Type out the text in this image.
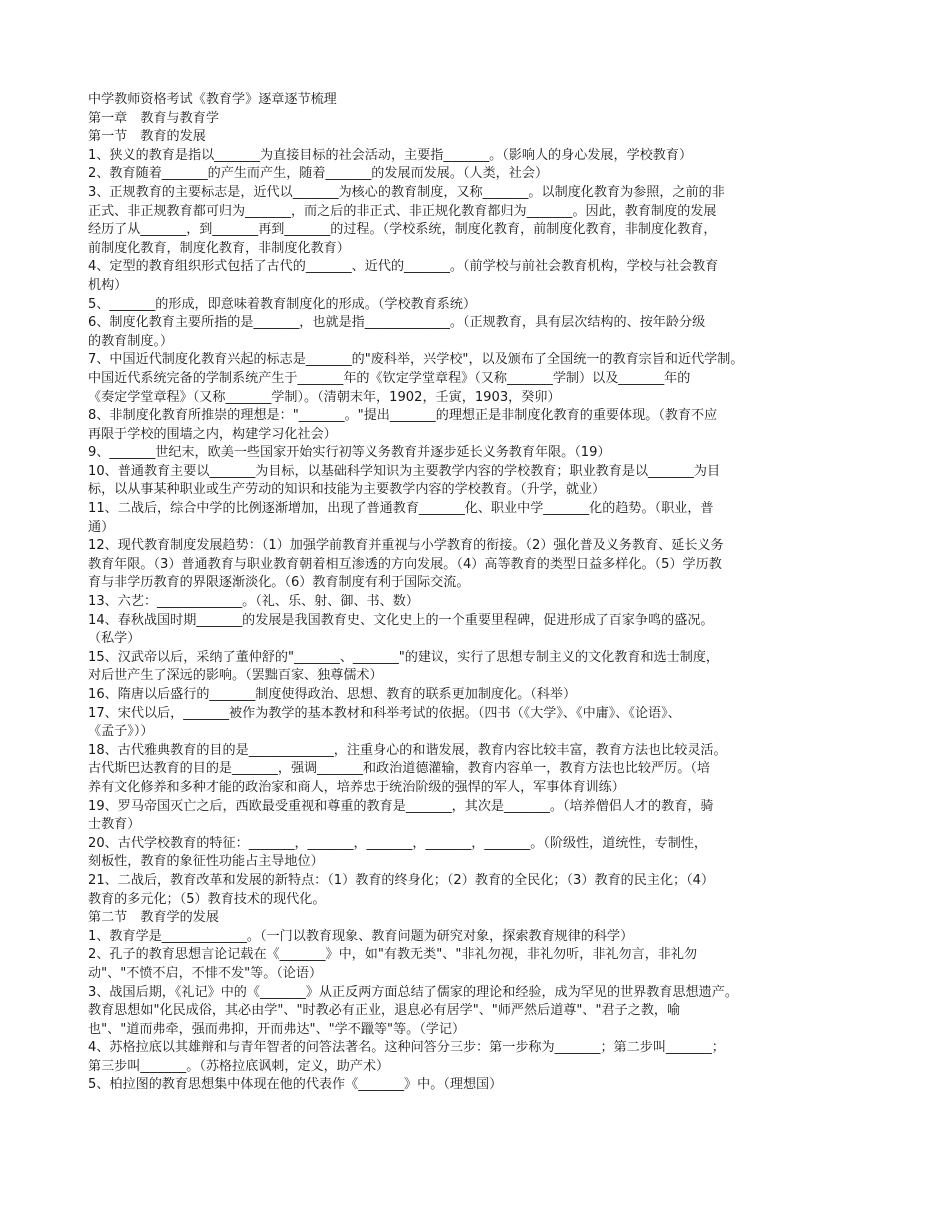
中学教师资格考试《教育学》逐章逐节梳理
第一章　教育与教育学
第一节　教育的发展
1、狭义的教育是指以_______为直接目标的社会活动，主要指_______。（影响人的身心发展，学校教育）
2、教育随着_______的产生而产生，随着_______的发展而发展。（人类，社会）
3、正规教育的主要标志是，近代以_______为核心的教育制度，又称_______。以制度化教育为参照，之前的非
正式、非正规教育都可归为_______，而之后的非正式、非正规化教育都归为_______。因此，教育制度的发展
经历了从_______，到_______再到_______的过程。（学校系统，制度化教育，前制度化教育，非制度化教育，
前制度化教育，制度化教育，非制度化教育）
4、定型的教育组织形式包括了古代的_______、近代的_______。（前学校与前社会教育机构，学校与社会教育
机构）
5、_______的形成，即意味着教育制度化的形成。（学校教育系统）
6、制度化教育主要所指的是_______，也就是指_____________。（正规教育，具有层次结构的、按年龄分级
的教育制度。）
7、中国近代制度化教育兴起的标志是_______的"废科举，兴学校"，以及颁布了全国统一的教育宗旨和近代学制。
中国近代系统完备的学制系统产生于_______年的《钦定学堂章程》（又称_______学制）以及_______年的
《奏定学堂章程》（又称_______学制）。（清朝末年，1902，壬寅，1903，癸卯）
8、非制度化教育所推崇的理想是："_______。"提出_______的理想正是非制度化教育的重要体现。（教育不应
再限于学校的围墙之内，构建学习化社会）
9、_______世纪末，欧美一些国家开始实行初等义务教育并逐步延长义务教育年限。（19）
10、普通教育主要以_______为目标，以基础科学知识为主要教学内容的学校教育；职业教育是以_______为目
标，以从事某种职业或生产劳动的知识和技能为主要教学内容的学校教育。（升学，就业）
11、二战后，综合中学的比例逐渐增加，出现了普通教育_______化、职业中学_______化的趋势。（职业，普
通）
12、现代教育制度发展趋势：（1）加强学前教育并重视与小学教育的衔接。（2）强化普及义务教育、延长义务
教育年限。（3）普通教育与职业教育朝着相互渗透的方向发展。（4）高等教育的类型日益多样化。（5）学历教
育与非学历教育的界限逐渐淡化。（6）教育制度有利于国际交流。
13、六艺：_____________。（礼、乐、射、御、书、数）
14、春秋战国时期_______的发展是我国教育史、文化史上的一个重要里程碑，促进形成了百家争鸣的盛况。
（私学）
15、汉武帝以后，采纳了董仲舒的"_______、_______"的建议，实行了思想专制主义的文化教育和选士制度，
对后世产生了深远的影响。（罢黜百家、独尊儒术）
16、隋唐以后盛行的_______制度使得政治、思想、教育的联系更加制度化。（科举）
17、宋代以后，_______被作为教学的基本教材和科举考试的依据。（四书（《大学》、《中庸》、《论语》、
《孟子》））
18、古代雅典教育的目的是_____________，注重身心的和谐发展，教育内容比较丰富，教育方法也比较灵活。
古代斯巴达教育的目的是_______，强调_______和政治道德灌输，教育内容单一，教育方法也比较严厉。（培
养有文化修养和多种才能的政治家和商人，培养忠于统治阶级的强悍的军人，军事体育训练）
19、罗马帝国灭亡之后，西欧最受重视和尊重的教育是_______，其次是_______。（培养僧侣人才的教育，骑
士教育）
20、古代学校教育的特征：_______，_______，_______，_______，_______。（阶级性，道统性，专制性，
刻板性，教育的象征性功能占主导地位）
21、二战后，教育改革和发展的新特点：（1）教育的终身化；（2）教育的全民化；（3）教育的民主化；（4）
教育的多元化；（5）教育技术的现代化。
第二节　教育学的发展
1、教育学是_____________。（一门以教育现象、教育问题为研究对象，探索教育规律的科学）
2、孔子的教育思想言论记载在《_______》中，如"有教无类"、"非礼勿视，非礼勿听，非礼勿言，非礼勿
动"、"不愤不启，不悱不发"等。（论语）
3、战国后期，《礼记》中的《_______》从正反两方面总结了儒家的理论和经验，成为罕见的世界教育思想遗产。
教育思想如"化民成俗，其必由学"、"时教必有正业，退息必有居学"、"师严然后道尊"、"君子之教，喻
也"、"道而弗牵，强而弗抑，开而弗达"、"学不躐等"等。（学记）
4、苏格拉底以其雄辩和与青年智者的问答法著名。这种问答分三步：第一步称为_______；第二步叫_______；
第三步叫_______。（苏格拉底讽刺，定义，助产术）
5、柏拉图的教育思想集中体现在他的代表作《_______》中。（理想国）
